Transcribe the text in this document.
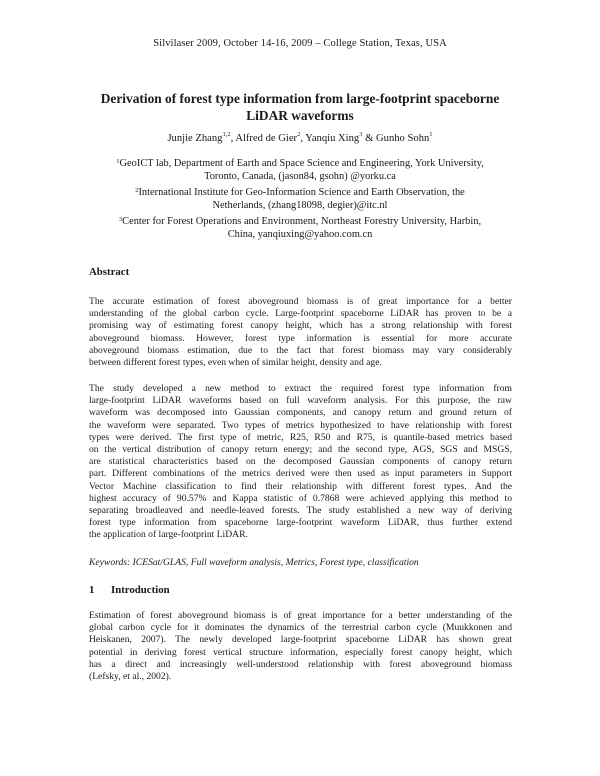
Silvilaser 2009, October 14-16, 2009 – College Station, Texas, USA
Derivation of forest type information from large-footprint spaceborne
LiDAR waveforms
Junjie Zhang$^{1,2}$, Alfred de Gier$^2$, Yanqiu Xing$^3$ & Gunho Sohn$^1$
$^1$GeoICT lab, Department of Earth and Space Science and Engineering, York University,
Toronto, Canada, (jason84, gsohn) @yorku.ca
$^2$International Institute for Geo-Information Science and Earth Observation, the
Netherlands, (zhang18098, degier)@itc.nl
$^3$Center for Forest Operations and Environment, Northeast Forestry University, Harbin,
China, yanqiuxing@yahoo.com.cn
Abstract
The accurate estimation of forest aboveground biomass is of great importance for a better
understanding of the global carbon cycle. Large-footprint spaceborne LiDAR has proven to be a
promising way of estimating forest canopy height, which has a strong relationship with forest
aboveground biomass. However, forest type information is essential for more accurate
aboveground biomass estimation, due to the fact that forest biomass may vary considerably
between different forest types, even when of similar height, density and age.
The study developed a new method to extract the required forest type information from
large-footprint LiDAR waveforms based on full waveform analysis. For this purpose, the raw
waveform was decomposed into Gaussian components, and canopy return and ground return of
the waveform were separated. Two types of metrics hypothesized to have relationship with forest
types were derived. The first type of metric, R25, R50 and R75, is quantile-based metrics based
on the vertical distribution of canopy return energy; and the second type, AGS, SGS and MSGS,
are statistical characteristics based on the decomposed Gaussian components of canopy return
part. Different combinations of the metrics derived were then used as input parameters in Support
Vector Machine classification to find their relationship with different forest types. And the
highest accuracy of 90.57% and Kappa statistic of 0.7868 were achieved applying this method to
separating broadleaved and needle-leaved forests. The study established a new way of deriving
forest type information from spaceborne large-footprint waveform LiDAR, thus further extend
the application of large-footprint LiDAR.
Keywords: ICESat/GLAS, Full waveform analysis, Metrics, Forest type, classification
1 Introduction
Estimation of forest aboveground biomass is of great importance for a better understanding of the
global carbon cycle for it dominates the dynamics of the terrestrial carbon cycle (Muukkonen and
Heiskanen, 2007). The newly developed large-footprint spaceborne LiDAR has shown great
potential in deriving forest vertical structure information, especially forest canopy height, which
has a direct and increasingly well-understood relationship with forest aboveground biomass
(Lefsky, et al., 2002).
